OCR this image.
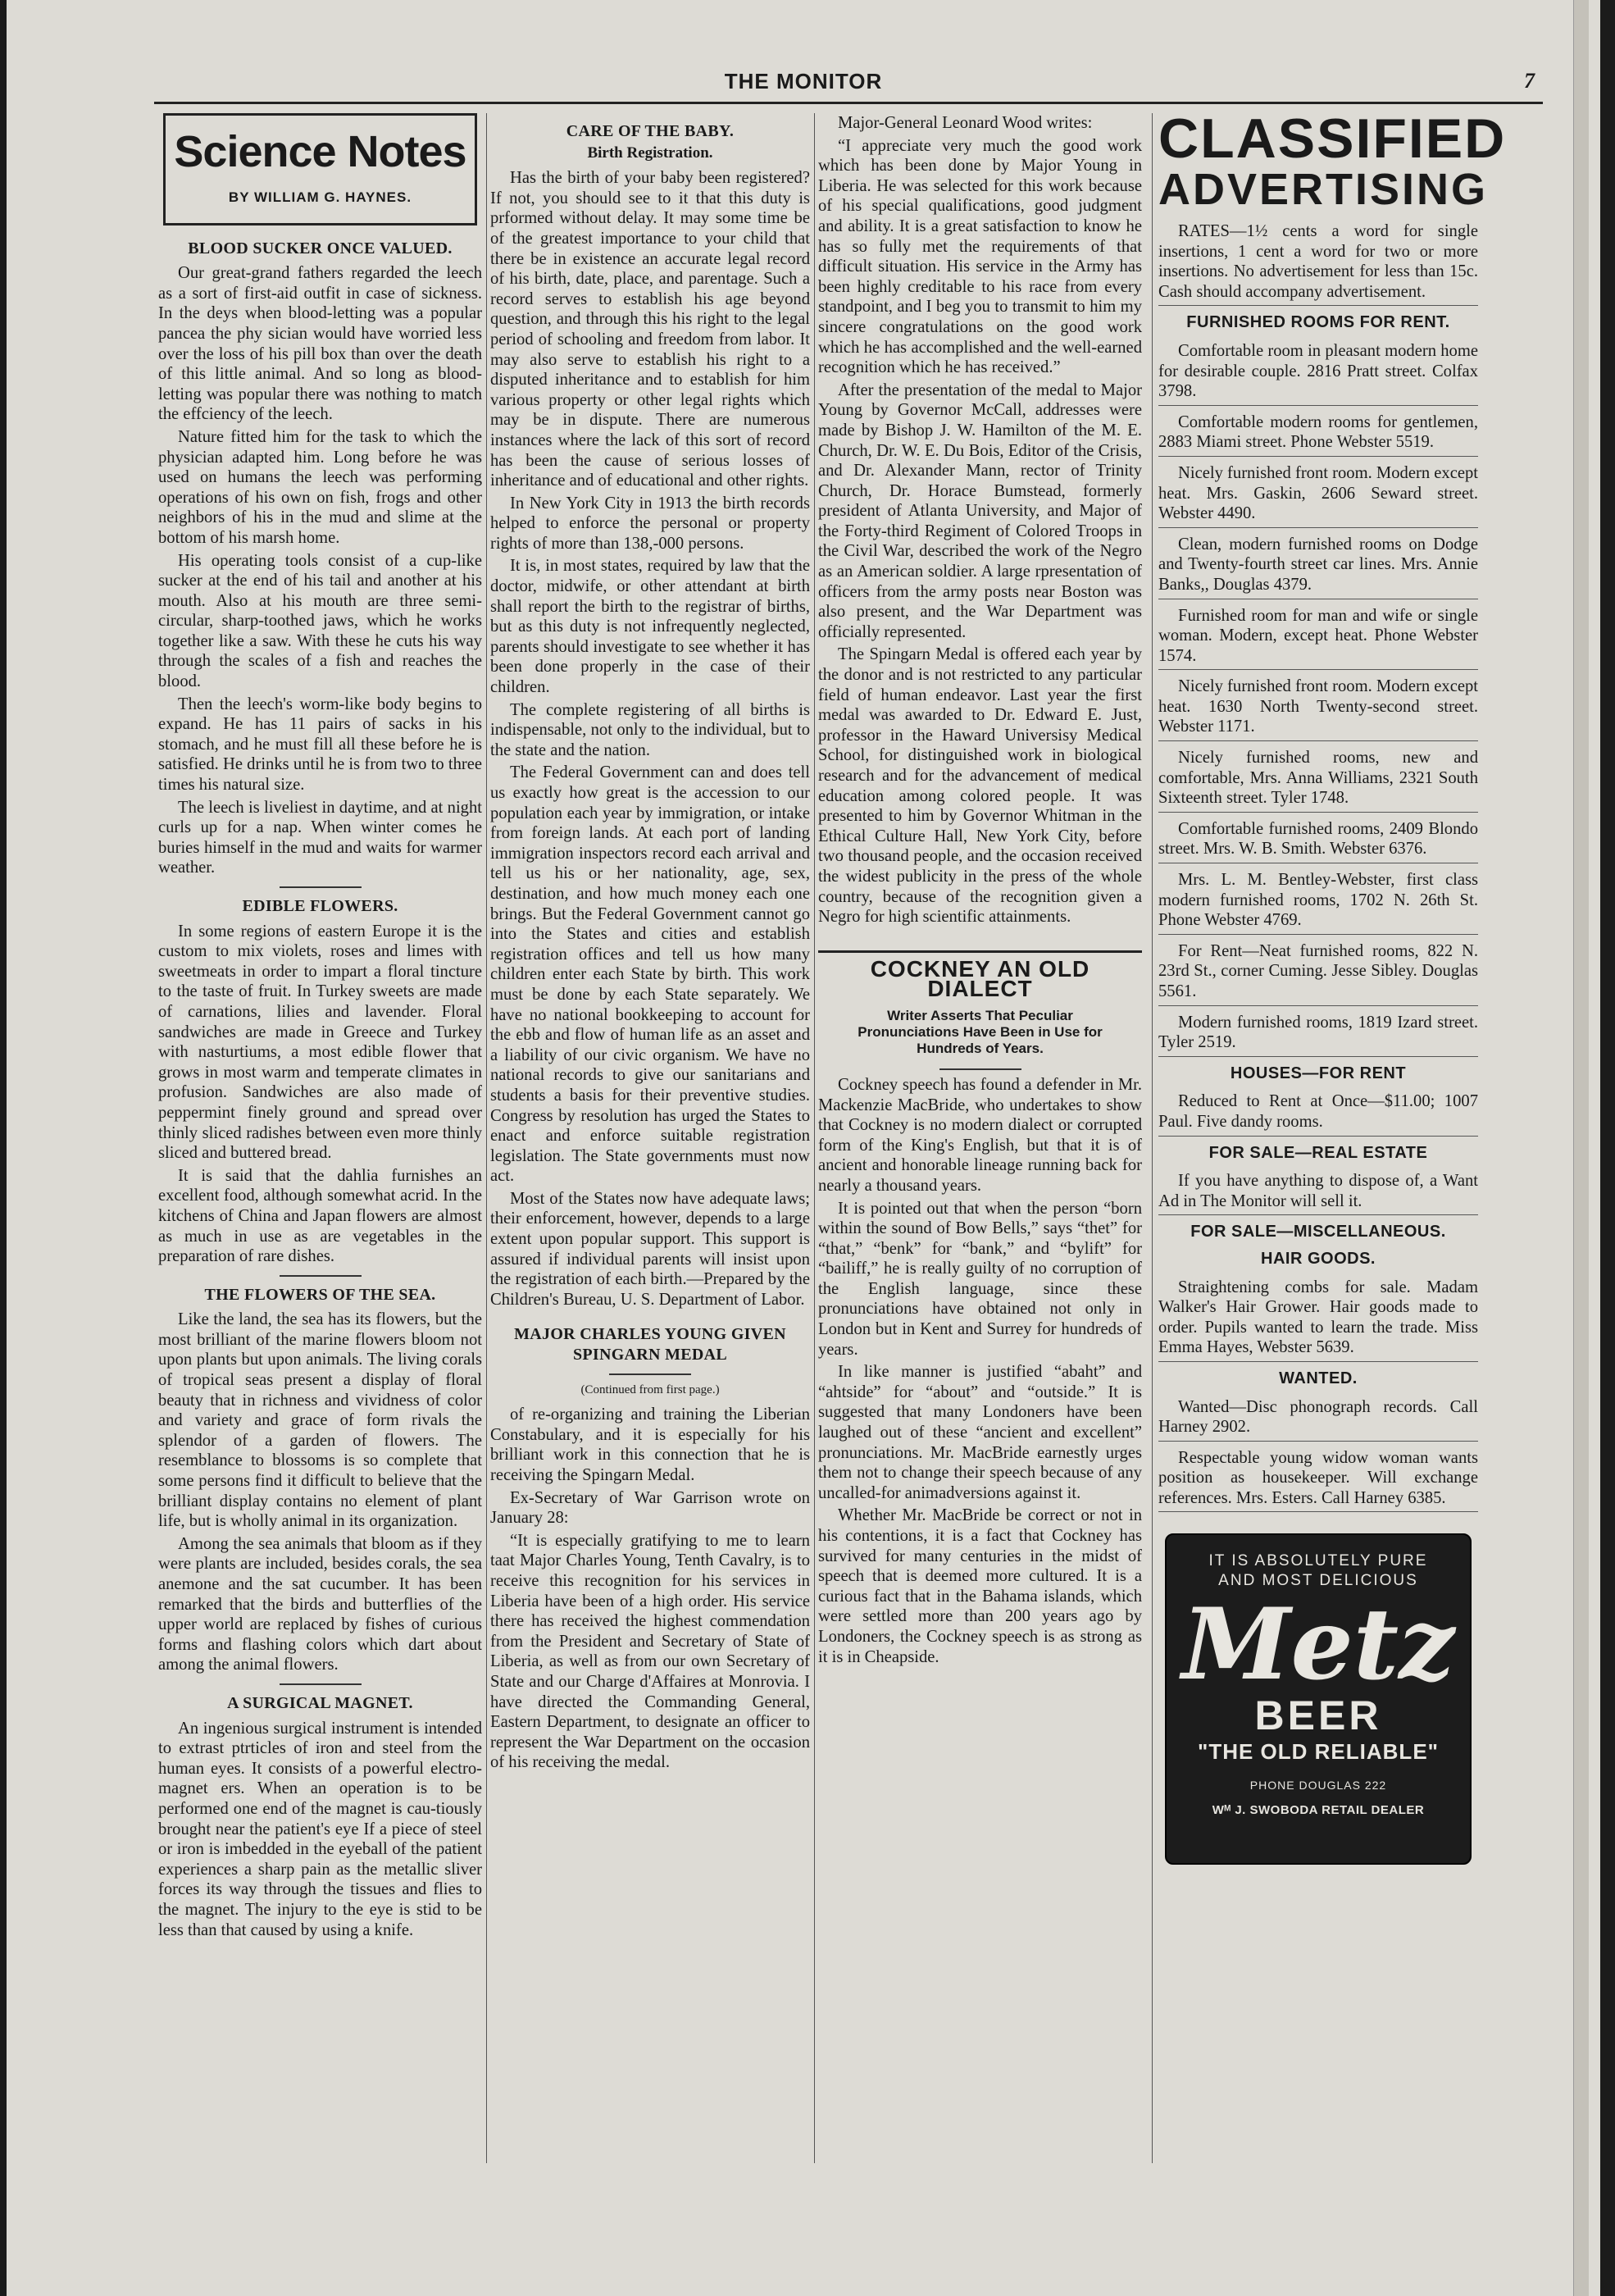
THE MONITOR	7
Science Notes
BY WILLIAM G. HAYNES.
BLOOD SUCKER ONCE VALUED.

Our great-grand fathers regarded the leech as a sort of first-aid outfit in case of sickness. In the deys when blood-letting was a popular pancea the phy sician would have worried less over the loss of his pill box than over the death of this little animal. And so long as blood-letting was popular there was nothing to match the effciency of the leech.

Nature fitted him for the task to which the physician adapted him. Long before he was used on humans the leech was performing operations of his own on fish, frogs and other neighbors of his in the mud and slime at the bottom of his marsh home.

His operating tools consist of a cup-like sucker at the end of his tail and another at his mouth. Also at his mouth are three semi-circular, sharp-toothed jaws, which he works together like a saw. With these he cuts his way through the scales of a fish and reaches the blood.

Then the leech's worm-like body begins to expand. He has 11 pairs of sacks in his stomach, and he must fill all these before he is satisfied. He drinks until he is from two to three times his natural size.

The leech is liveliest in daytime, and at night curls up for a nap. When winter comes he buries himself in the mud and waits for warmer weather.

EDIBLE FLOWERS.

In some regions of eastern Europe it is the custom to mix violets, roses and limes with sweetmeats in order to impart a floral tincture to the taste of fruit. In Turkey sweets are made of carnations, lilies and lavender. Floral sandwiches are made in Greece and Turkey with nasturtiums, a most edible flower that grows in most warm and temperate climates in profusion. Sandwiches are also made of peppermint finely ground and spread over thinly sliced radishes between even more thinly sliced and buttered bread.

It is said that the dahlia furnishes an excellent food, although somewhat acrid. In the kitchens of China and Japan flowers are almost as much in use as are vegetables in the preparation of rare dishes.

THE FLOWERS OF THE SEA.

Like the land, the sea has its flowers, but the most brilliant of the marine flowers bloom not upon plants but upon animals. The living corals of tropical seas present a display of floral beauty that in richness and vividness of color and variety and grace of form rivals the splendor of a garden of flowers. The resemblance to blossoms is so complete that some persons find it difficult to believe that the brilliant display contains no element of plant life, but is wholly animal in its organization.

Among the sea animals that bloom as if they were plants are included, besides corals, the sea anemone and the sat cucumber. It has been remarked that the birds and butterflies of the upper world are replaced by fishes of curious forms and flashing colors which dart about among the animal flowers.

A SURGICAL MAGNET.

An ingenious surgical instrument is intended to extrast ptrticles of iron and steel from the human eyes. It consists of a powerful electro-magnet ers. When an operation is to be performed one end of the magnet is cau-tiously brought near the patient's eye If a piece of steel or iron is imbedded in the eyeball of the patient experiences a sharp pain as the metallic sliver forces its way through the tissues and flies to the magnet. The injury to the eye is stid to be less than that caused by using a knife.

CARE OF THE BABY.
Birth Registration.

Has the birth of your baby been registered? If not, you should see to it that this duty is prformed without delay. It may some time be of the greatest importance to your child that there be in existence an accurate legal record of his birth, date, place, and parentage. Such a record serves to establish his age beyond question, and through this his right to the legal period of schooling and freedom from labor. It may also serve to establish his right to a disputed inheritance and to establish for him various property or other legal rights which may be in dispute. There are numerous instances where the lack of this sort of record has been the cause of serious losses of inheritance and of educational and other rights.

In New York City in 1913 the birth records helped to enforce the personal or property rights of more than 138,-000 persons.

It is, in most states, required by law that the doctor, midwife, or other attendant at birth shall report the birth to the registrar of births, but as this duty is not infrequently neglected, parents should investigate to see whether it has been done properly in the case of their children.

The complete registering of all births is indispensable, not only to the individual, but to the state and the nation.

The Federal Government can and does tell us exactly how great is the accession to our population each year by immigration, or intake from foreign lands. At each port of landing immigration inspectors record each arrival and tell us his or her nationality, age, sex, destination, and how much money each one brings. But the Federal Government cannot go into the States and cities and establish registration offices and tell us how many children enter each State by birth. This work must be done by each State separately. We have no national bookkeeping to account for the ebb and flow of human life as an asset and a liability of our civic organism. We have no national records to give our sanitarians and students a basis for their preventive studies. Congress by resolution has urged the States to enact and enforce suitable registration legislation. The State governments must now act.

Most of the States now have adequate laws; their enforcement, however, depends to a large extent upon popular support. This support is assured if individual parents will insist upon the registration of each birth.—Prepared by the Children's Bureau, U. S. Department of Labor.

MAJOR CHARLES YOUNG GIVEN SPINGARN MEDAL
(Continued from first page.)

of re-organizing and training the Liberian Constabulary, and it is especially for his brilliant work in this connection that he is receiving the Spingarn Medal.

Ex-Secretary of War Garrison wrote on January 28:

“It is especially gratifying to me to learn taat Major Charles Young, Tenth Cavalry, is to receive this recognition for his services in Liberia have been of a high order. His service there has received the highest commendation from the President and Secretary of State of Liberia, as well as from our own Secretary of State and our Charge d'Affaires at Monrovia. I have directed the Commanding General, Eastern Department, to designate an officer to represent the War Department on the occasion of his receiving the medal.

Major-General Leonard Wood writes:

“I appreciate very much the good work which has been done by Major Young in Liberia. He was selected for this work because of his special qualifications, good judgment and ability. It is a great satisfaction to know he has so fully met the requirements of that difficult situation. His service in the Army has been highly creditable to his race from every standpoint, and I beg you to transmit to him my sincere congratulations on the good work which he has accomplished and the well-earned recognition which he has received.”

After the presentation of the medal to Major Young by Governor McCall, addresses were made by Bishop J. W. Hamilton of the M. E. Church, Dr. W. E. Du Bois, Editor of the Crisis, and Dr. Alexander Mann, rector of Trinity Church, Dr. Horace Bumstead, formerly president of Atlanta University, and Major of the Forty-third Regiment of Colored Troops in the Civil War, described the work of the Negro as an American soldier. A large rpresentation of officers from the army posts near Boston was also present, and the War Department was officially represented.

The Spingarn Medal is offered each year by the donor and is not restricted to any particular field of human endeavor. Last year the first medal was awarded to Dr. Edward E. Just, professor in the Haward Universisy Medical School, for distinguished work in biological research and for the advancement of medical education among colored people. It was presented to him by Governor Whitman in the Ethical Culture Hall, New York City, before two thousand people, and the occasion received the widest publicity in the press of the whole country, because of the recognition given a Negro for high scientific attainments.

COCKNEY AN OLD DIALECT
Writer Asserts That Peculiar Pronunciations Have Been in Use for Hundreds of Years.

Cockney speech has found a defender in Mr. Mackenzie MacBride, who undertakes to show that Cockney is no modern dialect or corrupted form of the King's English, but that it is of ancient and honorable lineage running back for nearly a thousand years.

It is pointed out that when the person “born within the sound of Bow Bells,” says “thet” for “that,” “benk” for “bank,” and “bylift” for “bailiff,” he is really guilty of no corruption of the English language, since these pronunciations have obtained not only in London but in Kent and Surrey for hundreds of years.

In like manner is justified “abaht” and “ahtside” for “about” and “outside.” It is suggested that many Londoners have been laughed out of these “ancient and excellent” pronunciations. Mr. MacBride earnestly urges them not to change their speech because of any uncalled-for animadversions against it.

Whether Mr. MacBride be correct or not in his contentions, it is a fact that Cockney has survived for many centuries in the midst of speech that is deemed more cultured. It is a curious fact that in the Bahama islands, which were settled more than 200 years ago by Londoners, the Cockney speech is as strong as it is in Cheapside.

CLASSIFIED
ADVERTISING

RATES—1½ cents a word for single insertions, 1 cent a word for two or more insertions. No advertisement for less than 15c. Cash should accompany advertisement.

FURNISHED ROOMS FOR RENT.

Comfortable room in pleasant modern home for desirable couple. 2816 Pratt street. Colfax 3798.

Comfortable modern rooms for gentlemen, 2883 Miami street. Phone Webster 5519.

Nicely furnished front room. Modern except heat. Mrs. Gaskin, 2606 Seward street. Webster 4490.

Clean, modern furnished rooms on Dodge and Twenty-fourth street car lines. Mrs. Annie Banks,, Douglas 4379.

Furnished room for man and wife or single woman. Modern, except heat. Phone Webster 1574.

Nicely furnished front room. Modern except heat. 1630 North Twenty-second street. Webster 1171.

Nicely furnished rooms, new and comfortable, Mrs. Anna Williams, 2321 South Sixteenth street. Tyler 1748.

Comfortable furnished rooms, 2409 Blondo street. Mrs. W. B. Smith. Webster 6376.

Mrs. L. M. Bentley-Webster, first class modern furnished rooms, 1702 N. 26th St. Phone Webster 4769.

For Rent—Neat furnished rooms, 822 N. 23rd St., corner Cuming. Jesse Sibley. Douglas 5561.

Modern furnished rooms, 1819 Izard street. Tyler 2519.

HOUSES—FOR RENT

Reduced to Rent at Once—$11.00; 1007 Paul. Five dandy rooms.

FOR SALE—REAL ESTATE

If you have anything to dispose of, a Want Ad in The Monitor will sell it.

FOR SALE—MISCELLANEOUS.
HAIR GOODS.

Straightening combs for sale. Madam Walker's Hair Grower. Hair goods made to order. Pupils wanted to learn the trade. Miss Emma Hayes, Webster 5639.

WANTED.

Wanted—Disc phonograph records. Call Harney 2902.

Respectable young widow woman wants position as housekeeper. Will exchange references. Mrs. Esters. Call Harney 6385.

IT IS ABSOLUTELY PURE
AND MOST DELICIOUS
Metz
BEER
"THE OLD RELIABLE"
PHONE DOUGLAS 222
Wᴹ J. SWOBODA RETAIL DEALER
